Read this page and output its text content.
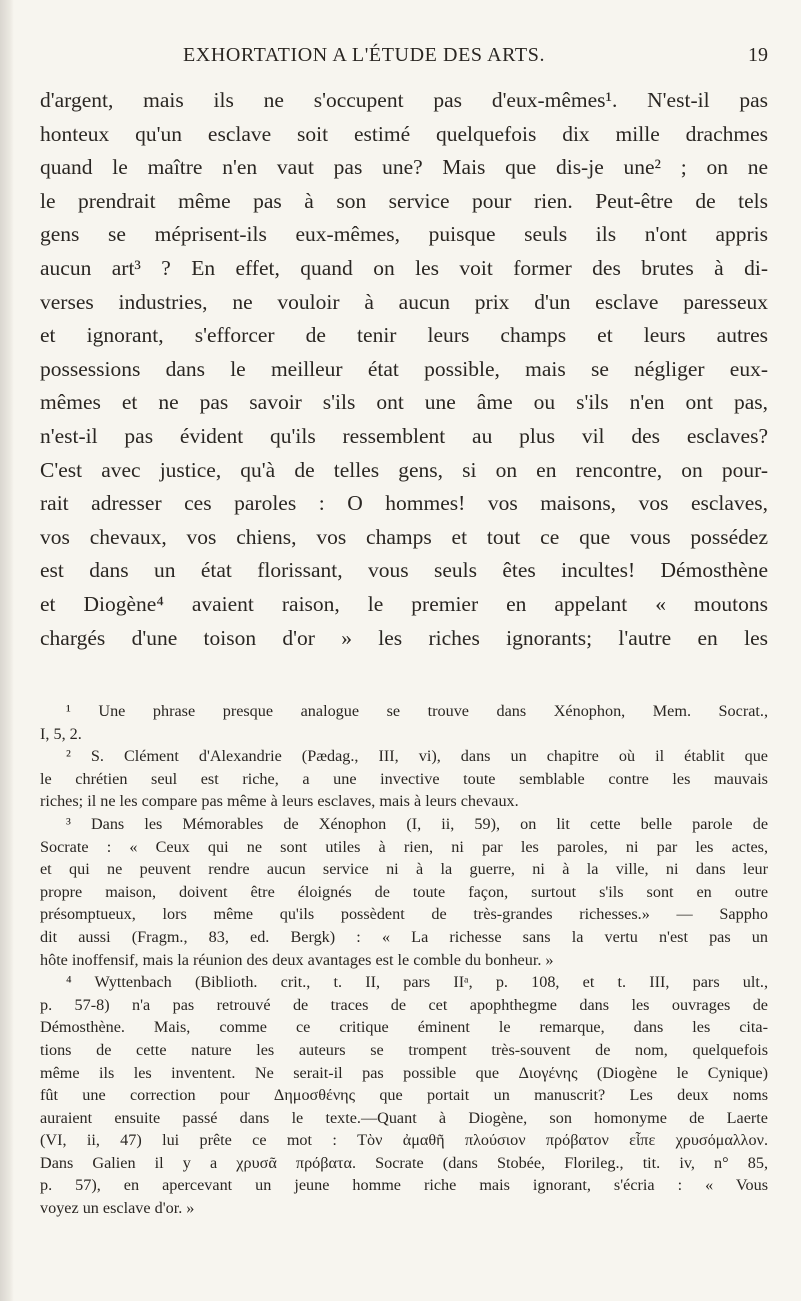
EXHORTATION A L'ÉTUDE DES ARTS.	19
d'argent, mais ils ne s'occupent pas d'eux-mêmes¹. N'est-il pas
honteux qu'un esclave soit estimé quelquefois dix mille drachmes
quand le maître n'en vaut pas une? Mais que dis-je une² ; on ne
le prendrait même pas à son service pour rien. Peut-être de tels
gens se méprisent-ils eux-mêmes, puisque seuls ils n'ont appris
aucun art³ ? En effet, quand on les voit former des brutes à di-
verses industries, ne vouloir à aucun prix d'un esclave paresseux
et ignorant, s'efforcer de tenir leurs champs et leurs autres
possessions dans le meilleur état possible, mais se négliger eux-
mêmes et ne pas savoir s'ils ont une âme ou s'ils n'en ont pas,
n'est-il pas évident qu'ils ressemblent au plus vil des esclaves?
C'est avec justice, qu'à de telles gens, si on en rencontre, on pour-
rait adresser ces paroles : O hommes! vos maisons, vos esclaves,
vos chevaux, vos chiens, vos champs et tout ce que vous possédez
est dans un état florissant, vous seuls êtes incultes! Démosthène
et Diogène⁴ avaient raison, le premier en appelant « moutons
chargés d'une toison d'or » les riches ignorants; l'autre en les
¹ Une phrase presque analogue se trouve dans Xénophon, Mem. Socrat.,
I, 5, 2.
² S. Clément d'Alexandrie (Pædag., III, vi), dans un chapitre où il établit que
le chrétien seul est riche, a une invective toute semblable contre les mauvais
riches; il ne les compare pas même à leurs esclaves, mais à leurs chevaux.
³ Dans les Mémorables de Xénophon (I, ii, 59), on lit cette belle parole de
Socrate : « Ceux qui ne sont utiles à rien, ni par les paroles, ni par les actes,
et qui ne peuvent rendre aucun service ni à la guerre, ni à la ville, ni dans leur
propre maison, doivent être éloignés de toute façon, surtout s'ils sont en outre
présomptueux, lors même qu'ils possèdent de très-grandes richesses.» — Sappho
dit aussi (Fragm., 83, ed. Bergk) : « La richesse sans la vertu n'est pas un
hôte inoffensif, mais la réunion des deux avantages est le comble du bonheur. »
⁴ Wyttenbach (Biblioth. crit., t. II, pars IIᵃ, p. 108, et t. III, pars ult.,
p. 57-8) n'a pas retrouvé de traces de cet apophthegme dans les ouvrages de
Démosthène. Mais, comme ce critique éminent le remarque, dans les cita-
tions de cette nature les auteurs se trompent très-souvent de nom, quelquefois
même ils les inventent. Ne serait-il pas possible que Διογένης (Diogène le Cynique)
fût une correction pour Δημοσθένης que portait un manuscrit? Les deux noms
auraient ensuite passé dans le texte.—Quant à Diogène, son homonyme de Laerte
(VI, ii, 47) lui prête ce mot : Τὸν ἀμαθῆ πλούσιον πρόβατον εἶπε χρυσόμαλλον.
Dans Galien il y a χρυσᾶ πρόβατα. Socrate (dans Stobée, Florileg., tit. iv, n° 85,
p. 57), en apercevant un jeune homme riche mais ignorant, s'écria : « Vous
voyez un esclave d'or. »
